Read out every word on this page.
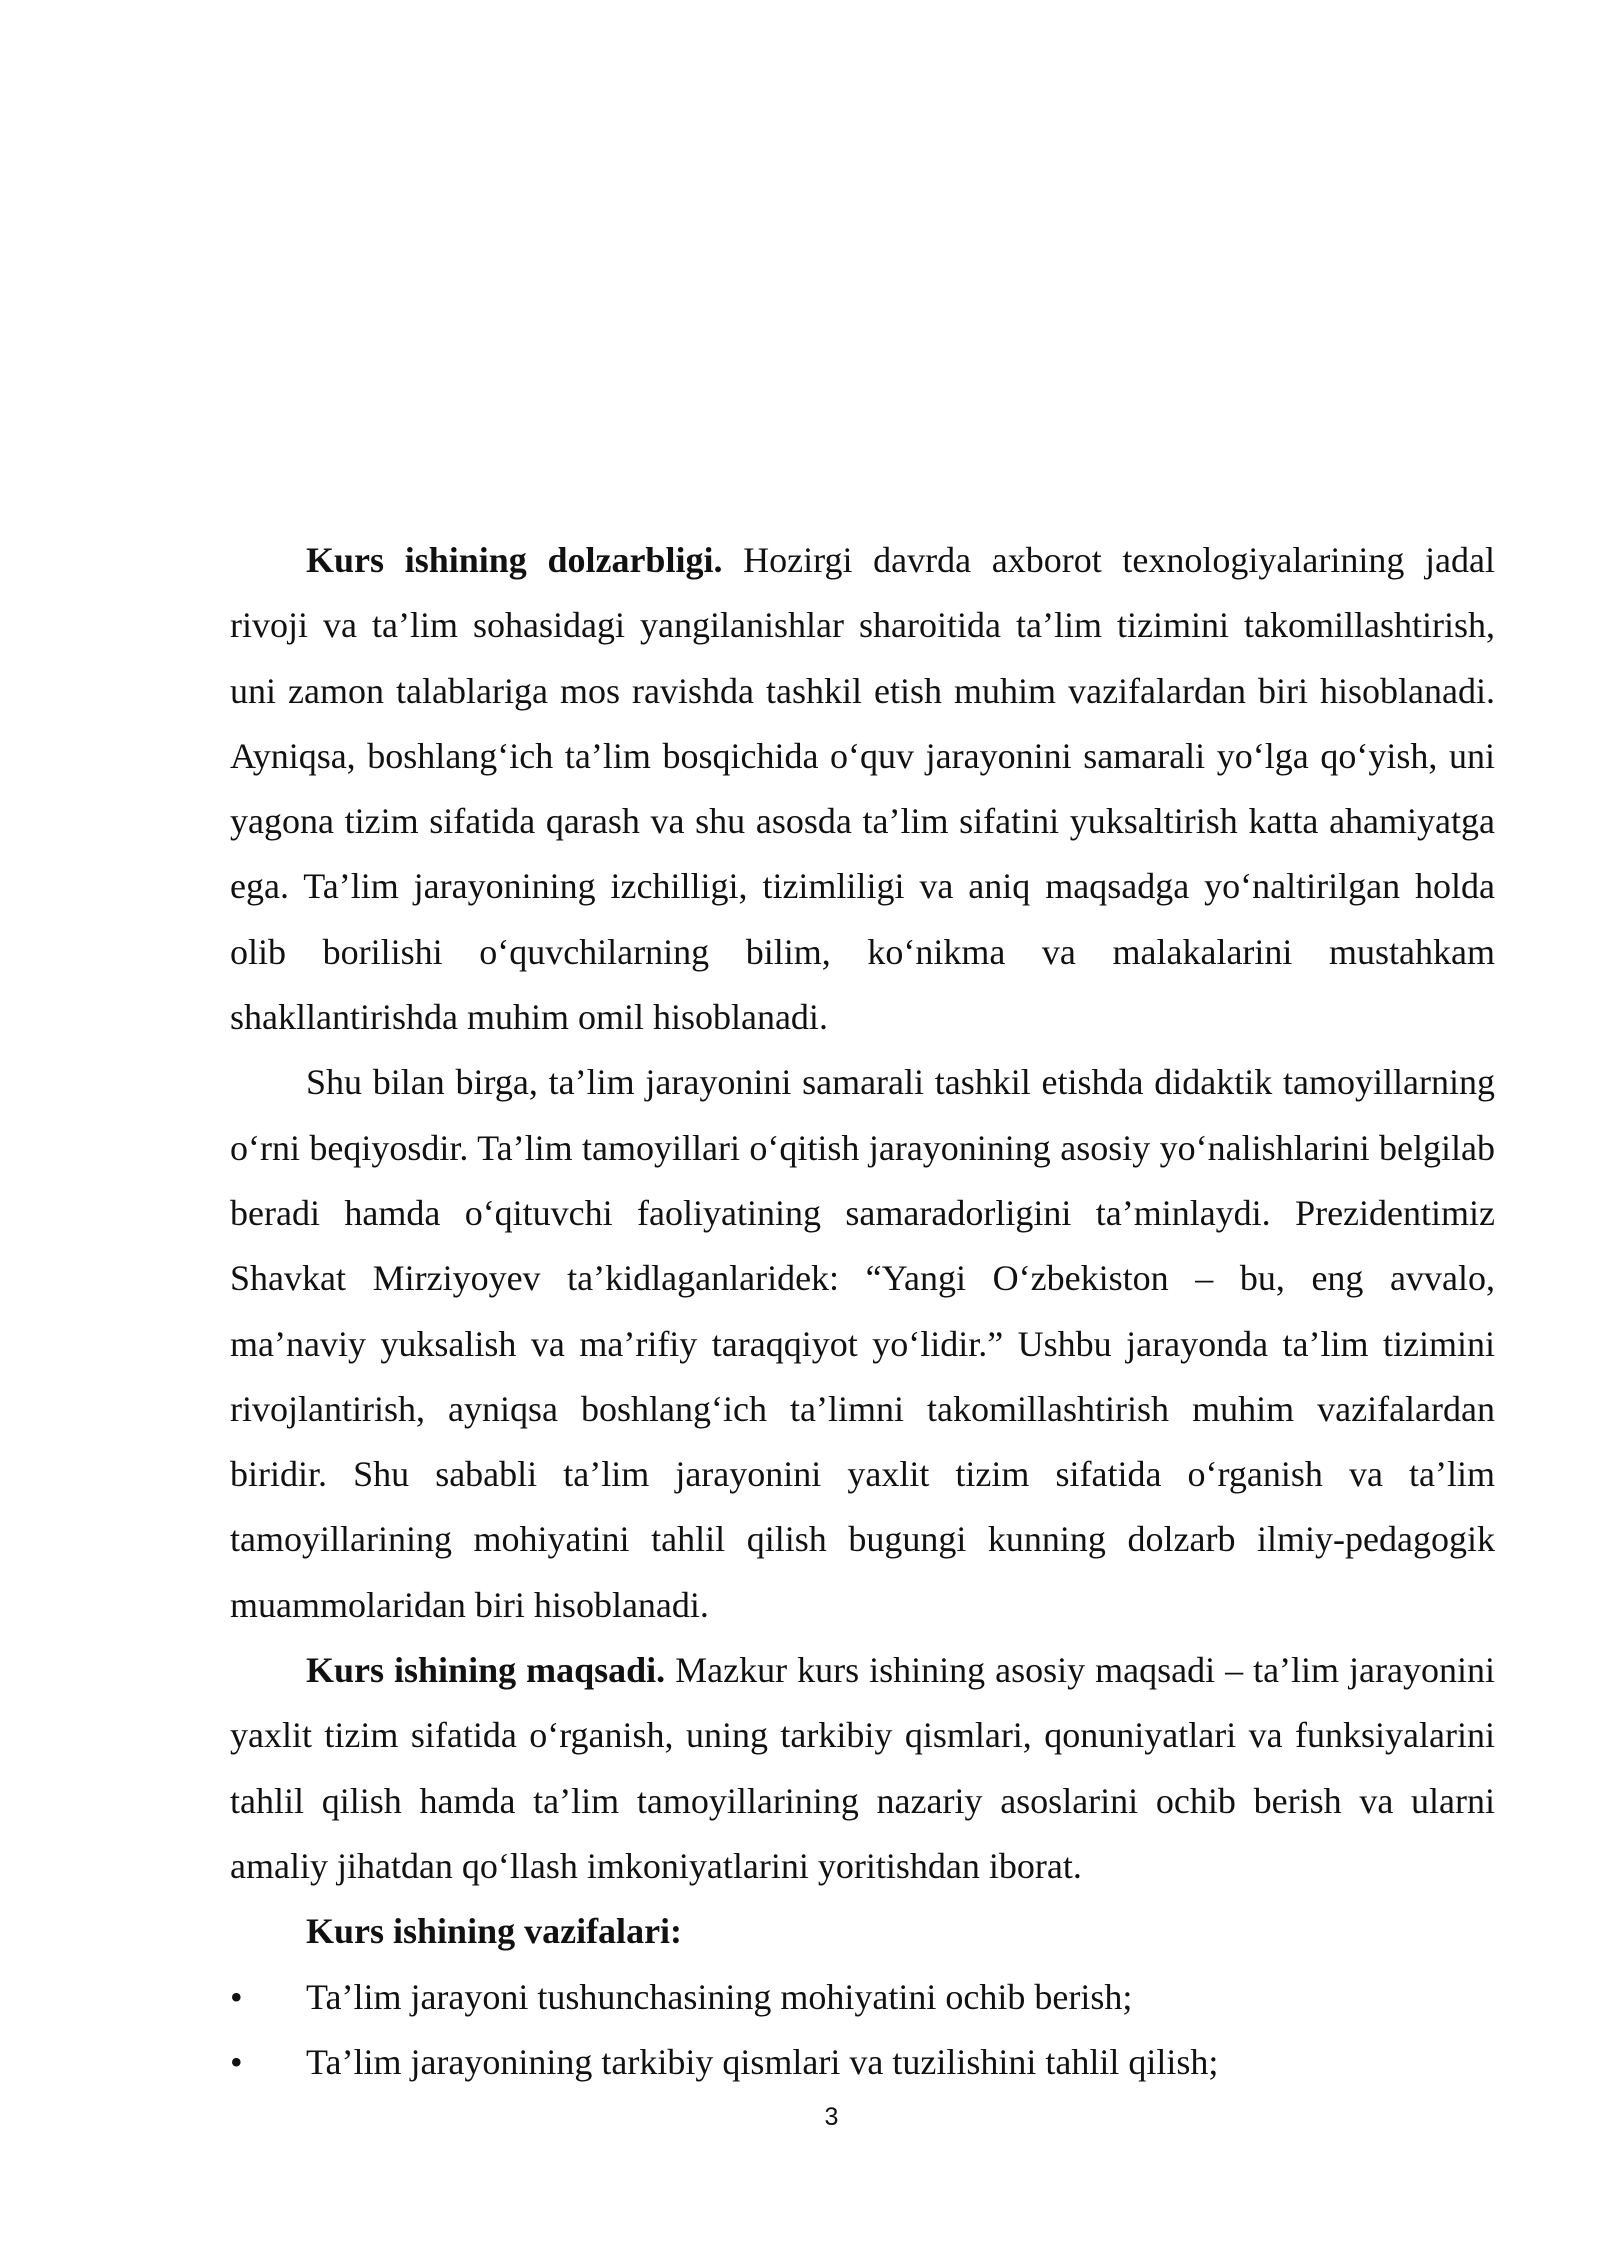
Kurs ishining dolzarbligi. Hozirgi davrda axborot texnologiyalarining jadal rivoji va ta’lim sohasidagi yangilanishlar sharoitida ta’lim tizimini takomillashtirish, uni zamon talablariga mos ravishda tashkil etish muhim vazifalardan biri hisoblanadi. Ayniqsa, boshlang‘ich ta’lim bosqichida o‘quv jarayonini samarali yo‘lga qo‘yish, uni yagona tizim sifatida qarash va shu asosda ta’lim sifatini yuksaltirish katta ahamiyatga ega. Ta’lim jarayonining izchilligi, tizimliligi va aniq maqsadga yo‘naltirilgan holda olib borilishi o‘quvchilarning bilim, ko‘nikma va malakalarini mustahkam shakllantirishda muhim omil hisoblanadi.

Shu bilan birga, ta’lim jarayonini samarali tashkil etishda didaktik tamoyillarning o‘rni beqiyosdir. Ta’lim tamoyillari o‘qitish jarayonining asosiy yo‘nalishlarini belgilab beradi hamda o‘qituvchi faoliyatining samaradorligini ta’minlaydi. Prezidentimiz Shavkat Mirziyoyev ta’kidlaganlaridek: “Yangi O‘zbekiston – bu, eng avvalo, ma’naviy yuksalish va ma’rifiy taraqqiyot yo‘lidir.” Ushbu jarayonda ta’lim tizimini rivojlantirish, ayniqsa boshlang‘ich ta’limni takomillashtirish muhim vazifalardan biridir. Shu sababli ta’lim jarayonini yaxlit tizim sifatida o‘rganish va ta’lim tamoyillarining mohiyatini tahlil qilish bugungi kunning dolzarb ilmiy-pedagogik muammolaridan biri hisoblanadi.

Kurs ishining maqsadi. Mazkur kurs ishining asosiy maqsadi – ta’lim jarayonini yaxlit tizim sifatida o‘rganish, uning tarkibiy qismlari, qonuniyatlari va funksiyalarini tahlil qilish hamda ta’lim tamoyillarining nazariy asoslarini ochib berish va ularni amaliy jihatdan qo‘llash imkoniyatlarini yoritishdan iborat.

Kurs ishining vazifalari:
• Ta’lim jarayoni tushunchasining mohiyatini ochib berish;
• Ta’lim jarayonining tarkibiy qismlari va tuzilishini tahlil qilish;
3
